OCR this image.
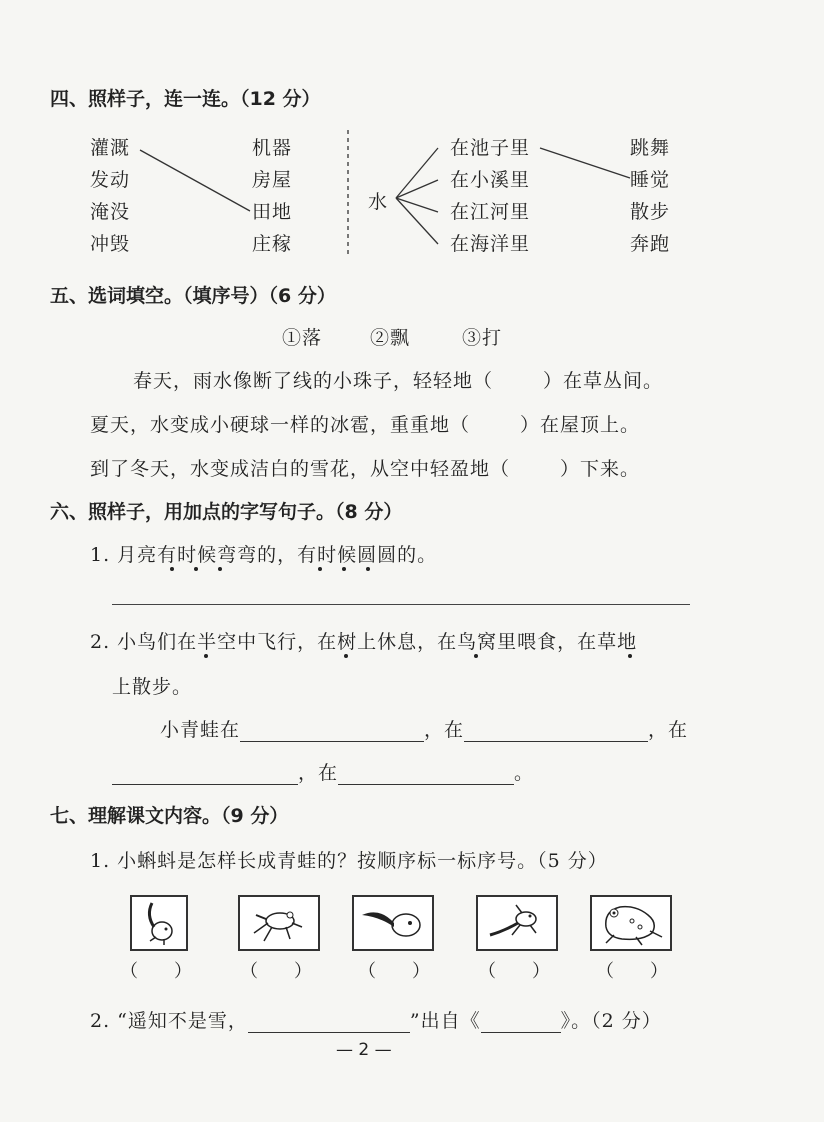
四、照样子，连一连。（12 分）
灌溉
发动
淹没
冲毁
机器
房屋
田地
庄稼
水
在池子里
在小溪里
在江河里
在海洋里
跳舞
睡觉
散步
奔跑
五、选词填空。（填序号）（6 分）
①落	②飘	③打
春天，雨水像断了线的小珠子，轻轻地（	）在草丛间。
夏天，水变成小硬球一样的冰雹，重重地（	）在屋顶上。
到了冬天，水变成洁白的雪花，从空中轻盈地（	）下来。
六、照样子，用加点的字写句子。（8 分）
1. 月亮有时候弯弯的，有时候圆圆的。
2. 小鸟们在半空中飞行，在树上休息，在鸟窝里喂食，在草地
上散步。
小青蛙在	，在	，在
，在	。
七、理解课文内容。（9 分）
1. 小蝌蚪是怎样长成青蛙的？按顺序标一标序号。（5 分）
（　　）	（　　）	（　　）	（　　）	（　　）
2. “遥知不是雪，	”出自《	》。（2 分）
— 2 —
